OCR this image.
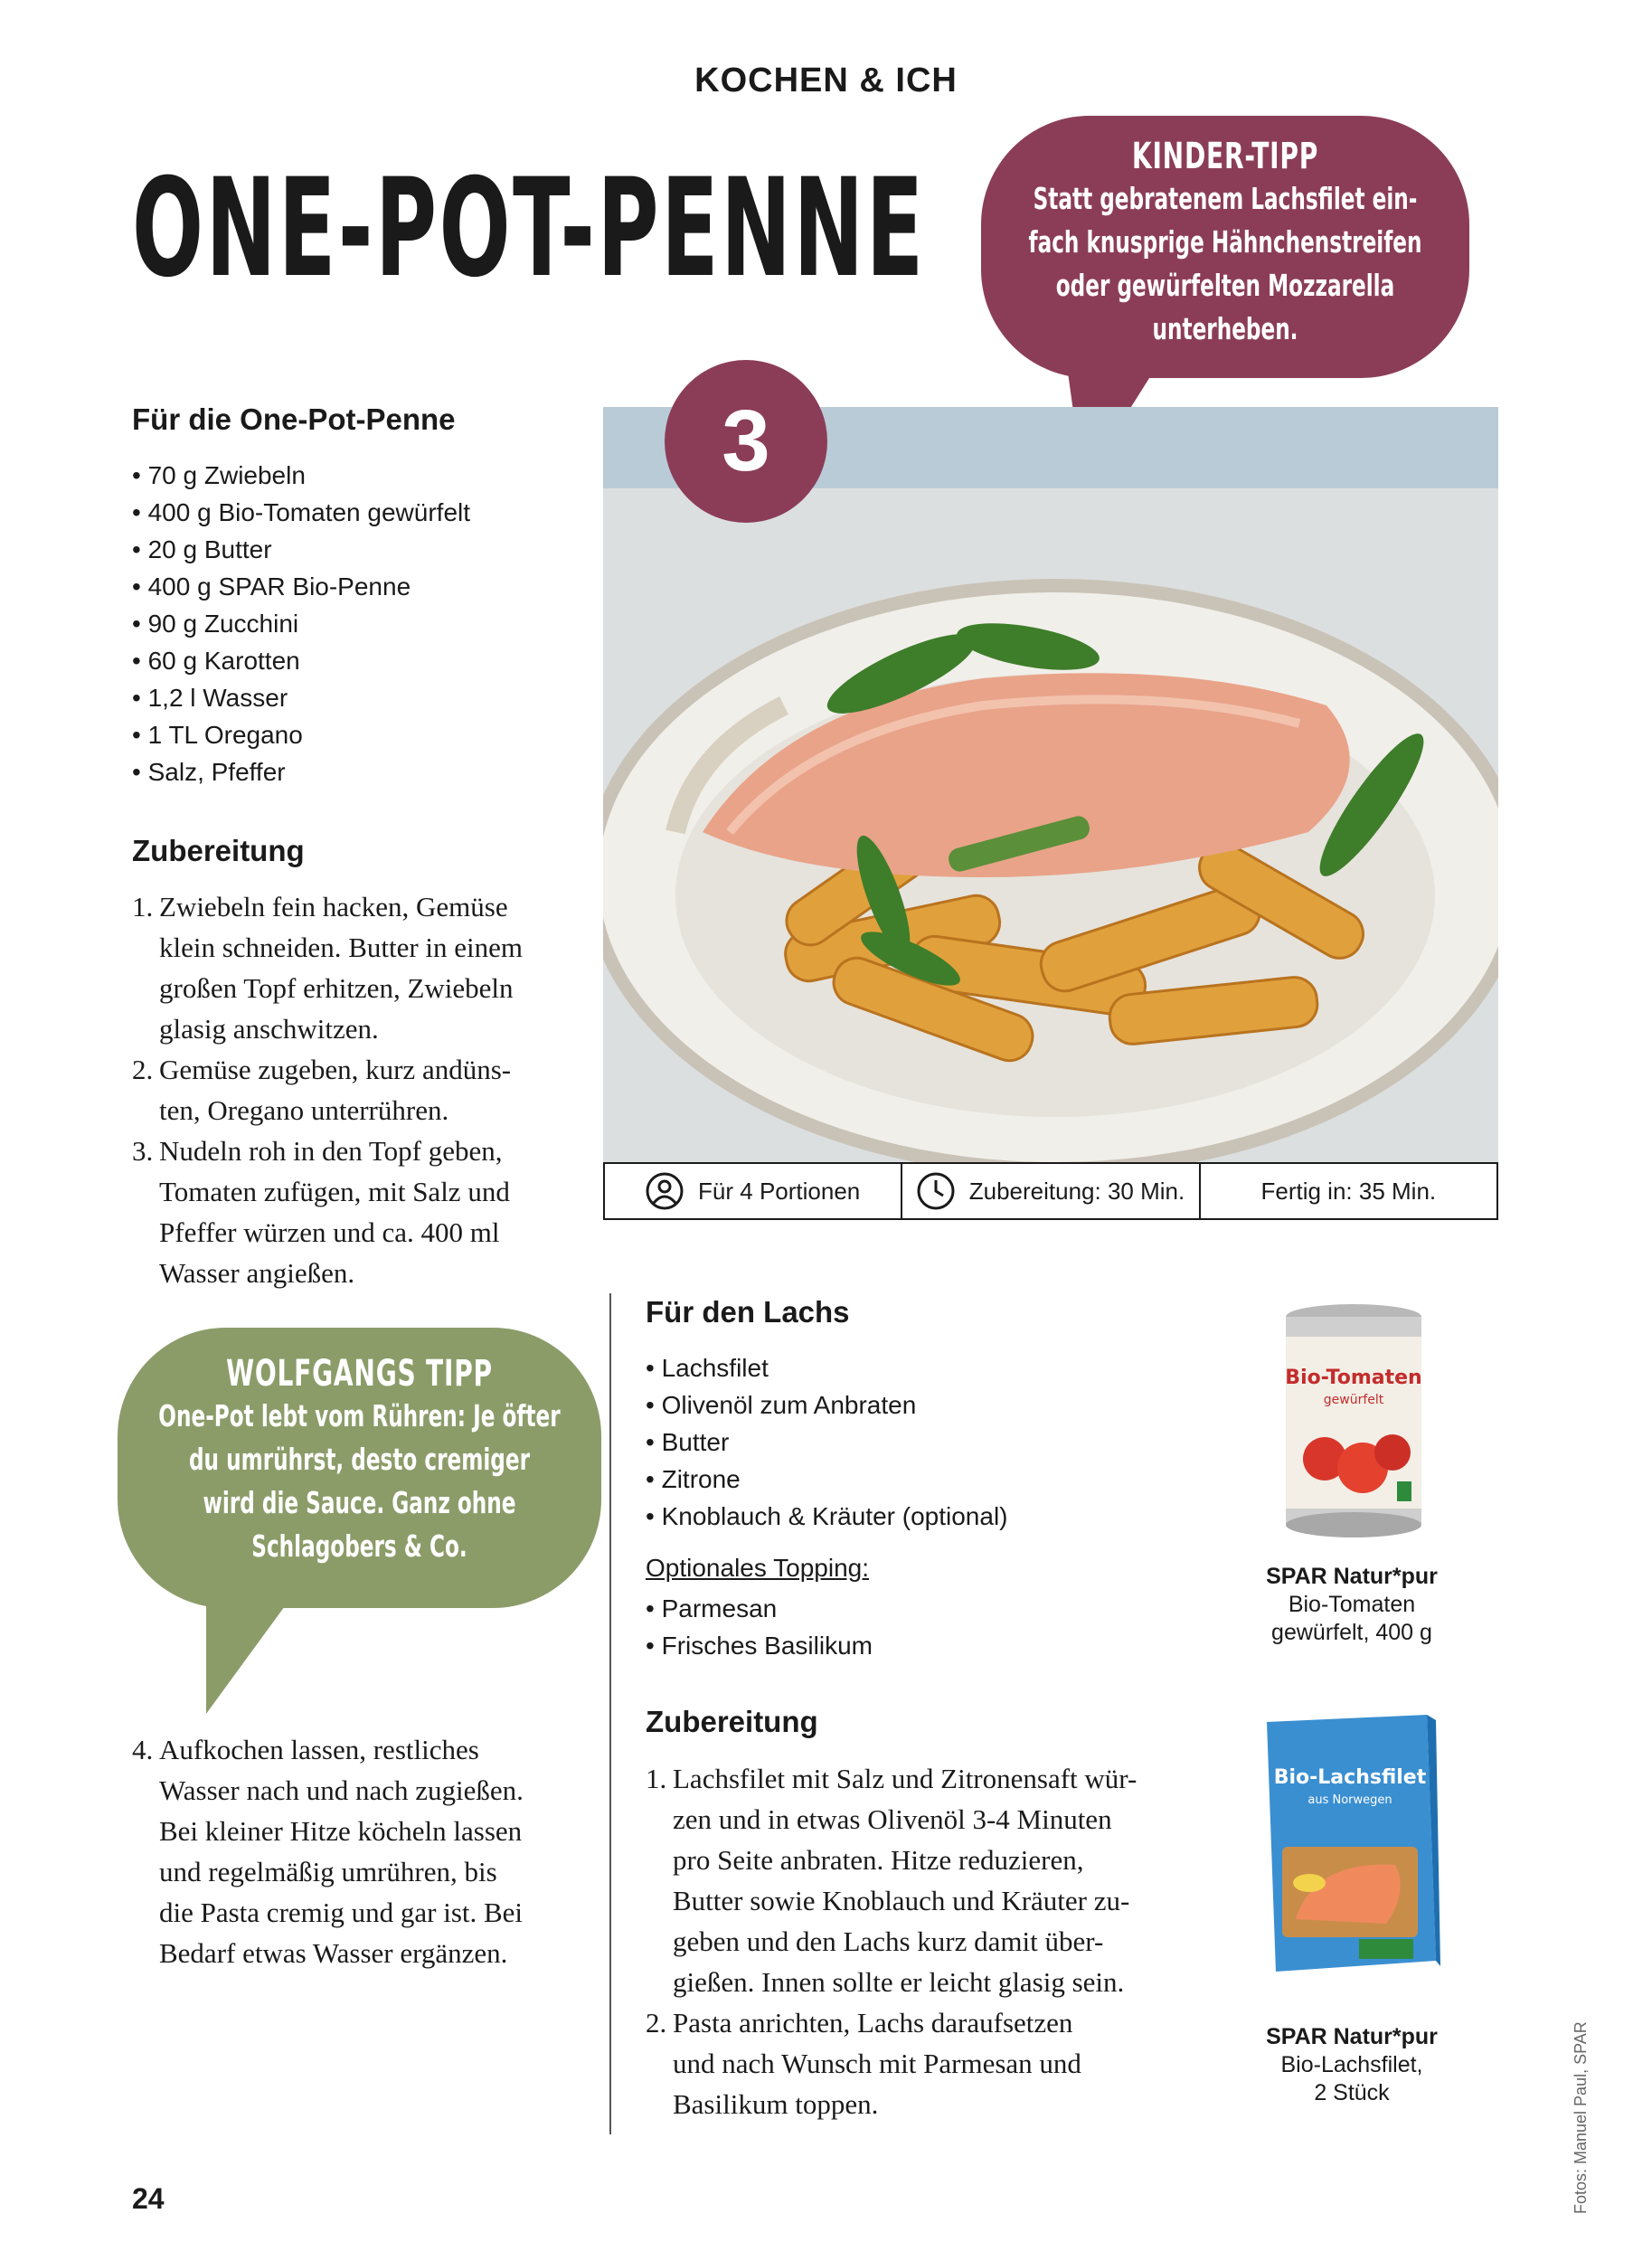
KOCHEN & ICH
ONE-POT-PENNE	KINDER-TIPP
Statt gebratenem Lachsfilet ein-
fach knusprige Hähnchenstreifen
oder gewürfelten Mozzarella
unterheben.
Für die One-Pot-Penne
• 70 g Zwiebeln
• 400 g Bio-Tomaten gewürfelt
• 20 g Butter
• 400 g SPAR Bio-Penne
• 90 g Zucchini
• 60 g Karotten
• 1,2 l Wasser
• 1 TL Oregano
• Salz, Pfeffer
Zubereitung
1. Zwiebeln fein hacken, Gemüse
klein schneiden. Butter in einem
großen Topf erhitzen, Zwiebeln
glasig anschwitzen.
2. Gemüse zugeben, kurz andüns-
ten, Oregano unterrühren.
3. Nudeln roh in den Topf geben,
Tomaten zufügen, mit Salz und
Pfeffer würzen und ca. 400 ml
Wasser angießen.
WOLFGANGS TIPP
One-Pot lebt vom Rühren: Je öfter
du umrührst, desto cremiger
wird die Sauce. Ganz ohne
Schlagobers & Co.
4. Aufkochen lassen, restliches
Wasser nach und nach zugießen.
Bei kleiner Hitze köcheln lassen
und regelmäßig umrühren, bis
die Pasta cremig und gar ist. Bei
Bedarf etwas Wasser ergänzen.
3
Für 4 Portionen	Zubereitung: 30 Min.	Fertig in: 35 Min.
Für den Lachs
• Lachsfilet
• Olivenöl zum Anbraten
• Butter
• Zitrone
• Knoblauch & Kräuter (optional)
Optionales Topping:
• Parmesan
• Frisches Basilikum
Zubereitung
1. Lachsfilet mit Salz und Zitronensaft wür-
zen und in etwas Olivenöl 3-4 Minuten
pro Seite anbraten. Hitze reduzieren,
Butter sowie Knoblauch und Kräuter zu-
geben und den Lachs kurz damit über-
gießen. Innen sollte er leicht glasig sein.
2. Pasta anrichten, Lachs daraufsetzen
und nach Wunsch mit Parmesan und
Basilikum toppen.
Bio-Tomaten
gewürfelt
SPAR Natur*pur
Bio-Tomaten
gewürfelt, 400 g
Bio-Lachsfilet
aus Norwegen
SPAR Natur*pur
Bio-Lachsfilet,
2 Stück
24	Fotos: Manuel Paul, SPAR
